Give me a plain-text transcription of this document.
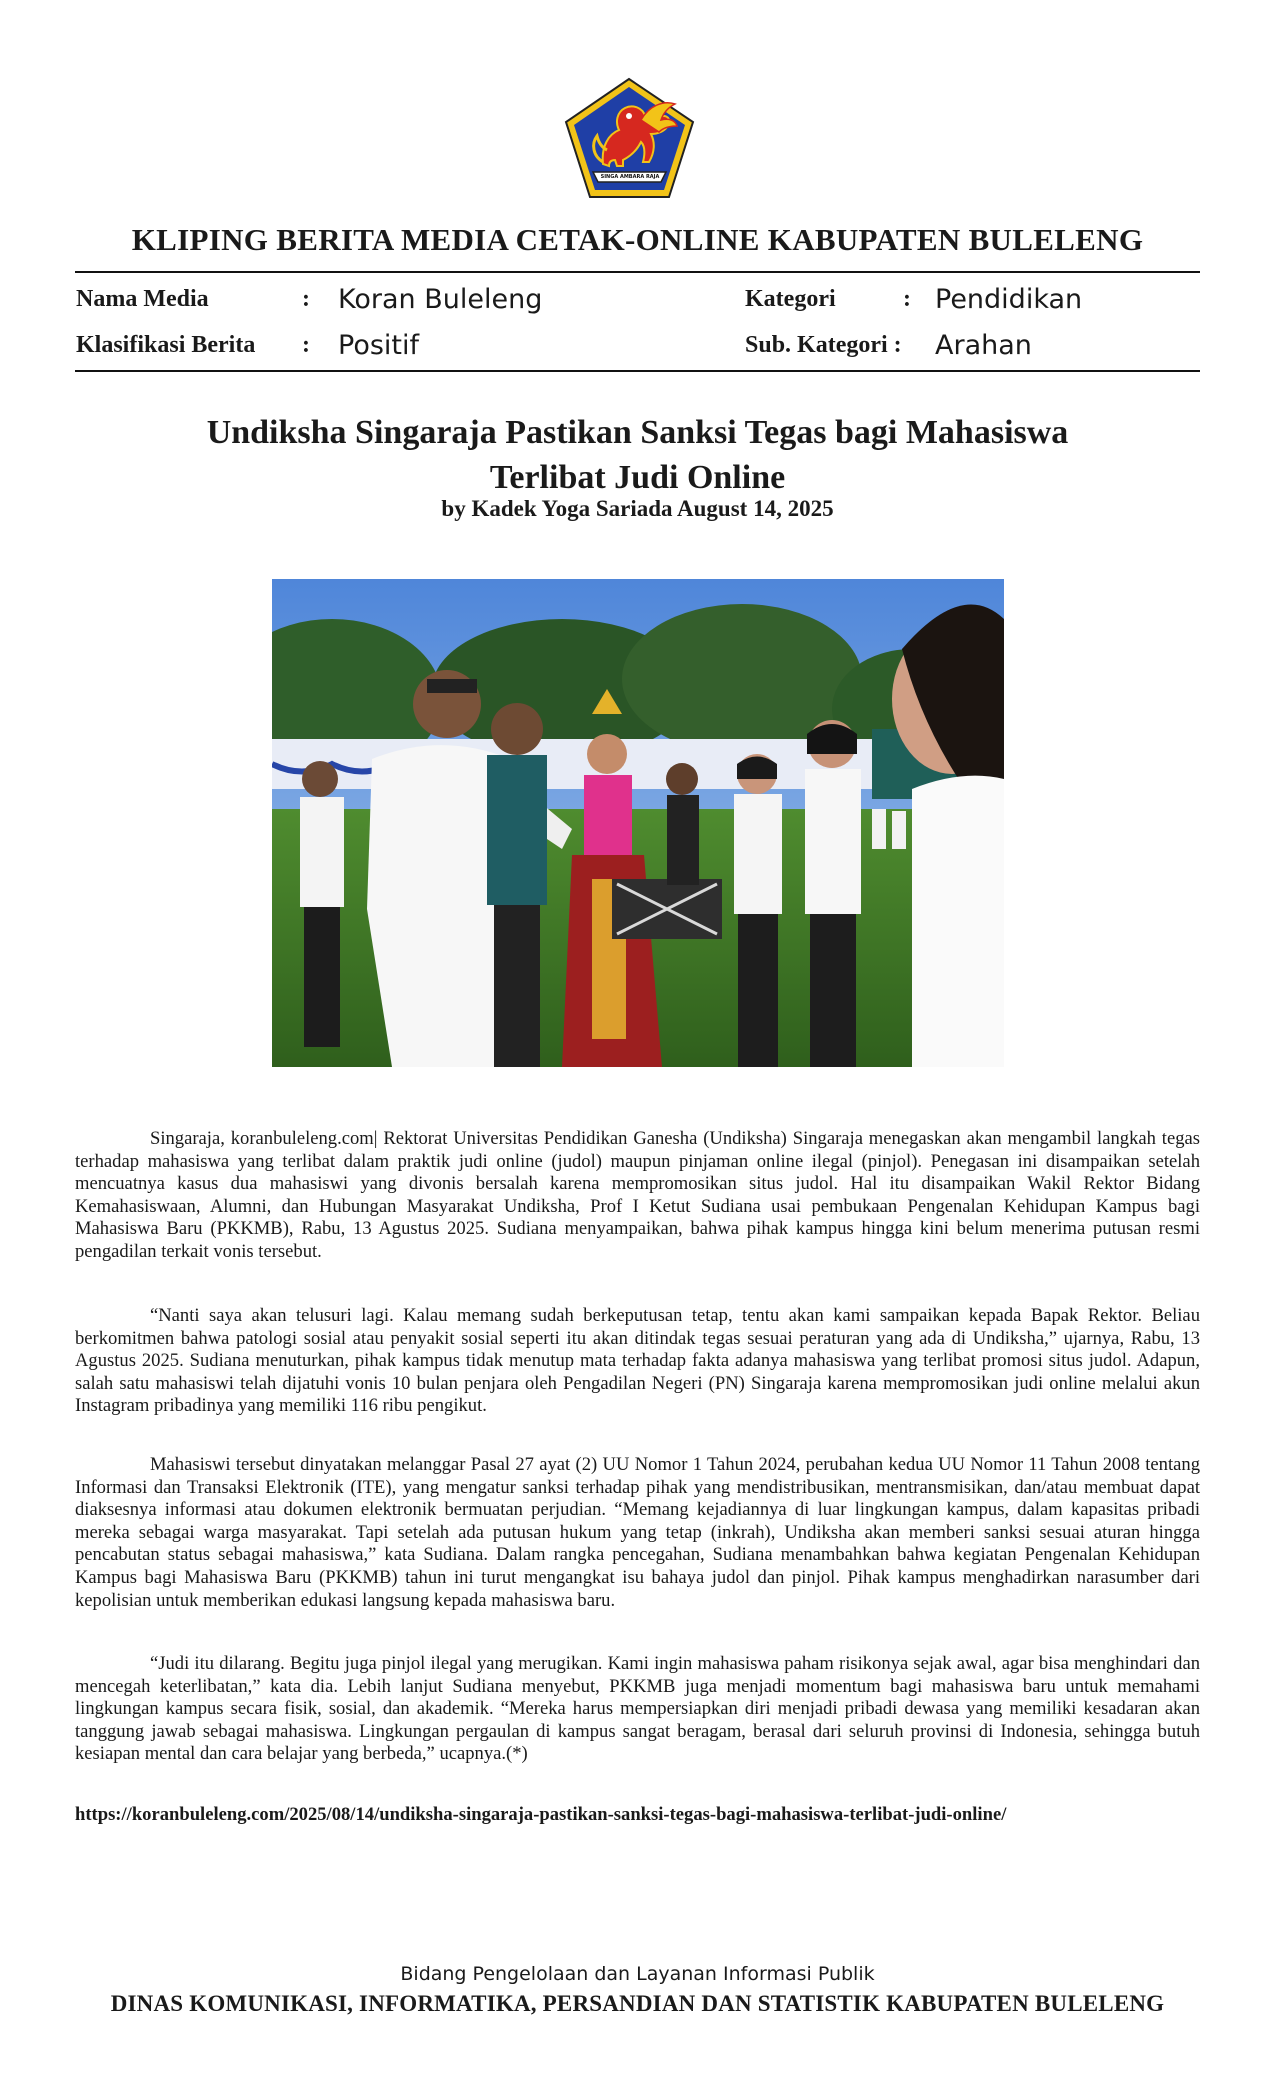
SINGA AMBARA RAJA
KLIPING BERITA MEDIA CETAK-ONLINE KABUPATEN BULELENG
Nama Media	: Koran Buleleng
Klasifikasi Berita : Positif
Kategori	: Pendidikan
Sub. Kategori : Arahan
Undiksha Singaraja Pastikan Sanksi Tegas bagi Mahasiswa
Terlibat Judi Online
by Kadek Yoga Sariada August 14, 2025

Singaraja, koranbuleleng.com| Rektorat Universitas Pendidikan Ganesha (Undiksha) Singaraja menegaskan akan mengambil langkah tegas terhadap mahasiswa yang terlibat dalam praktik judi online (judol) maupun pinjaman online ilegal (pinjol). Penegasan ini disampaikan setelah mencuatnya kasus dua mahasiswi yang divonis bersalah karena mempromosikan situs judol. Hal itu disampaikan Wakil Rektor Bidang Kemahasiswaan, Alumni, dan Hubungan Masyarakat Undiksha, Prof I Ketut Sudiana usai pembukaan Pengenalan Kehidupan Kampus bagi Mahasiswa Baru (PKKMB), Rabu, 13 Agustus 2025. Sudiana menyampaikan, bahwa pihak kampus hingga kini belum menerima putusan resmi pengadilan terkait vonis tersebut.

“Nanti saya akan telusuri lagi. Kalau memang sudah berkeputusan tetap, tentu akan kami sampaikan kepada Bapak Rektor. Beliau berkomitmen bahwa patologi sosial atau penyakit sosial seperti itu akan ditindak tegas sesuai peraturan yang ada di Undiksha,” ujarnya, Rabu, 13 Agustus 2025. Sudiana menuturkan, pihak kampus tidak menutup mata terhadap fakta adanya mahasiswa yang terlibat promosi situs judol. Adapun, salah satu mahasiswi telah dijatuhi vonis 10 bulan penjara oleh Pengadilan Negeri (PN) Singaraja karena mempromosikan judi online melalui akun Instagram pribadinya yang memiliki 116 ribu pengikut.

Mahasiswi tersebut dinyatakan melanggar Pasal 27 ayat (2) UU Nomor 1 Tahun 2024, perubahan kedua UU Nomor 11 Tahun 2008 tentang Informasi dan Transaksi Elektronik (ITE), yang mengatur sanksi terhadap pihak yang mendistribusikan, mentransmisikan, dan/atau membuat dapat diaksesnya informasi atau dokumen elektronik bermuatan perjudian. “Memang kejadiannya di luar lingkungan kampus, dalam kapasitas pribadi mereka sebagai warga masyarakat. Tapi setelah ada putusan hukum yang tetap (inkrah), Undiksha akan memberi sanksi sesuai aturan hingga pencabutan status sebagai mahasiswa,” kata Sudiana. Dalam rangka pencegahan, Sudiana menambahkan bahwa kegiatan Pengenalan Kehidupan Kampus bagi Mahasiswa Baru (PKKMB) tahun ini turut mengangkat isu bahaya judol dan pinjol. Pihak kampus menghadirkan narasumber dari kepolisian untuk memberikan edukasi langsung kepada mahasiswa baru.

“Judi itu dilarang. Begitu juga pinjol ilegal yang merugikan. Kami ingin mahasiswa paham risikonya sejak awal, agar bisa menghindari dan mencegah keterlibatan,” kata dia. Lebih lanjut Sudiana menyebut, PKKMB juga menjadi momentum bagi mahasiswa baru untuk memahami lingkungan kampus secara fisik, sosial, dan akademik. “Mereka harus mempersiapkan diri menjadi pribadi dewasa yang memiliki kesadaran akan tanggung jawab sebagai mahasiswa. Lingkungan pergaulan di kampus sangat beragam, berasal dari seluruh provinsi di Indonesia, sehingga butuh kesiapan mental dan cara belajar yang berbeda,” ucapnya.(*)

https://koranbuleleng.com/2025/08/14/undiksha-singaraja-pastikan-sanksi-tegas-bagi-mahasiswa-terlibat-judi-online/
Bidang Pengelolaan dan Layanan Informasi Publik
DINAS KOMUNIKASI, INFORMATIKA, PERSANDIAN DAN STATISTIK KABUPATEN BULELENG
